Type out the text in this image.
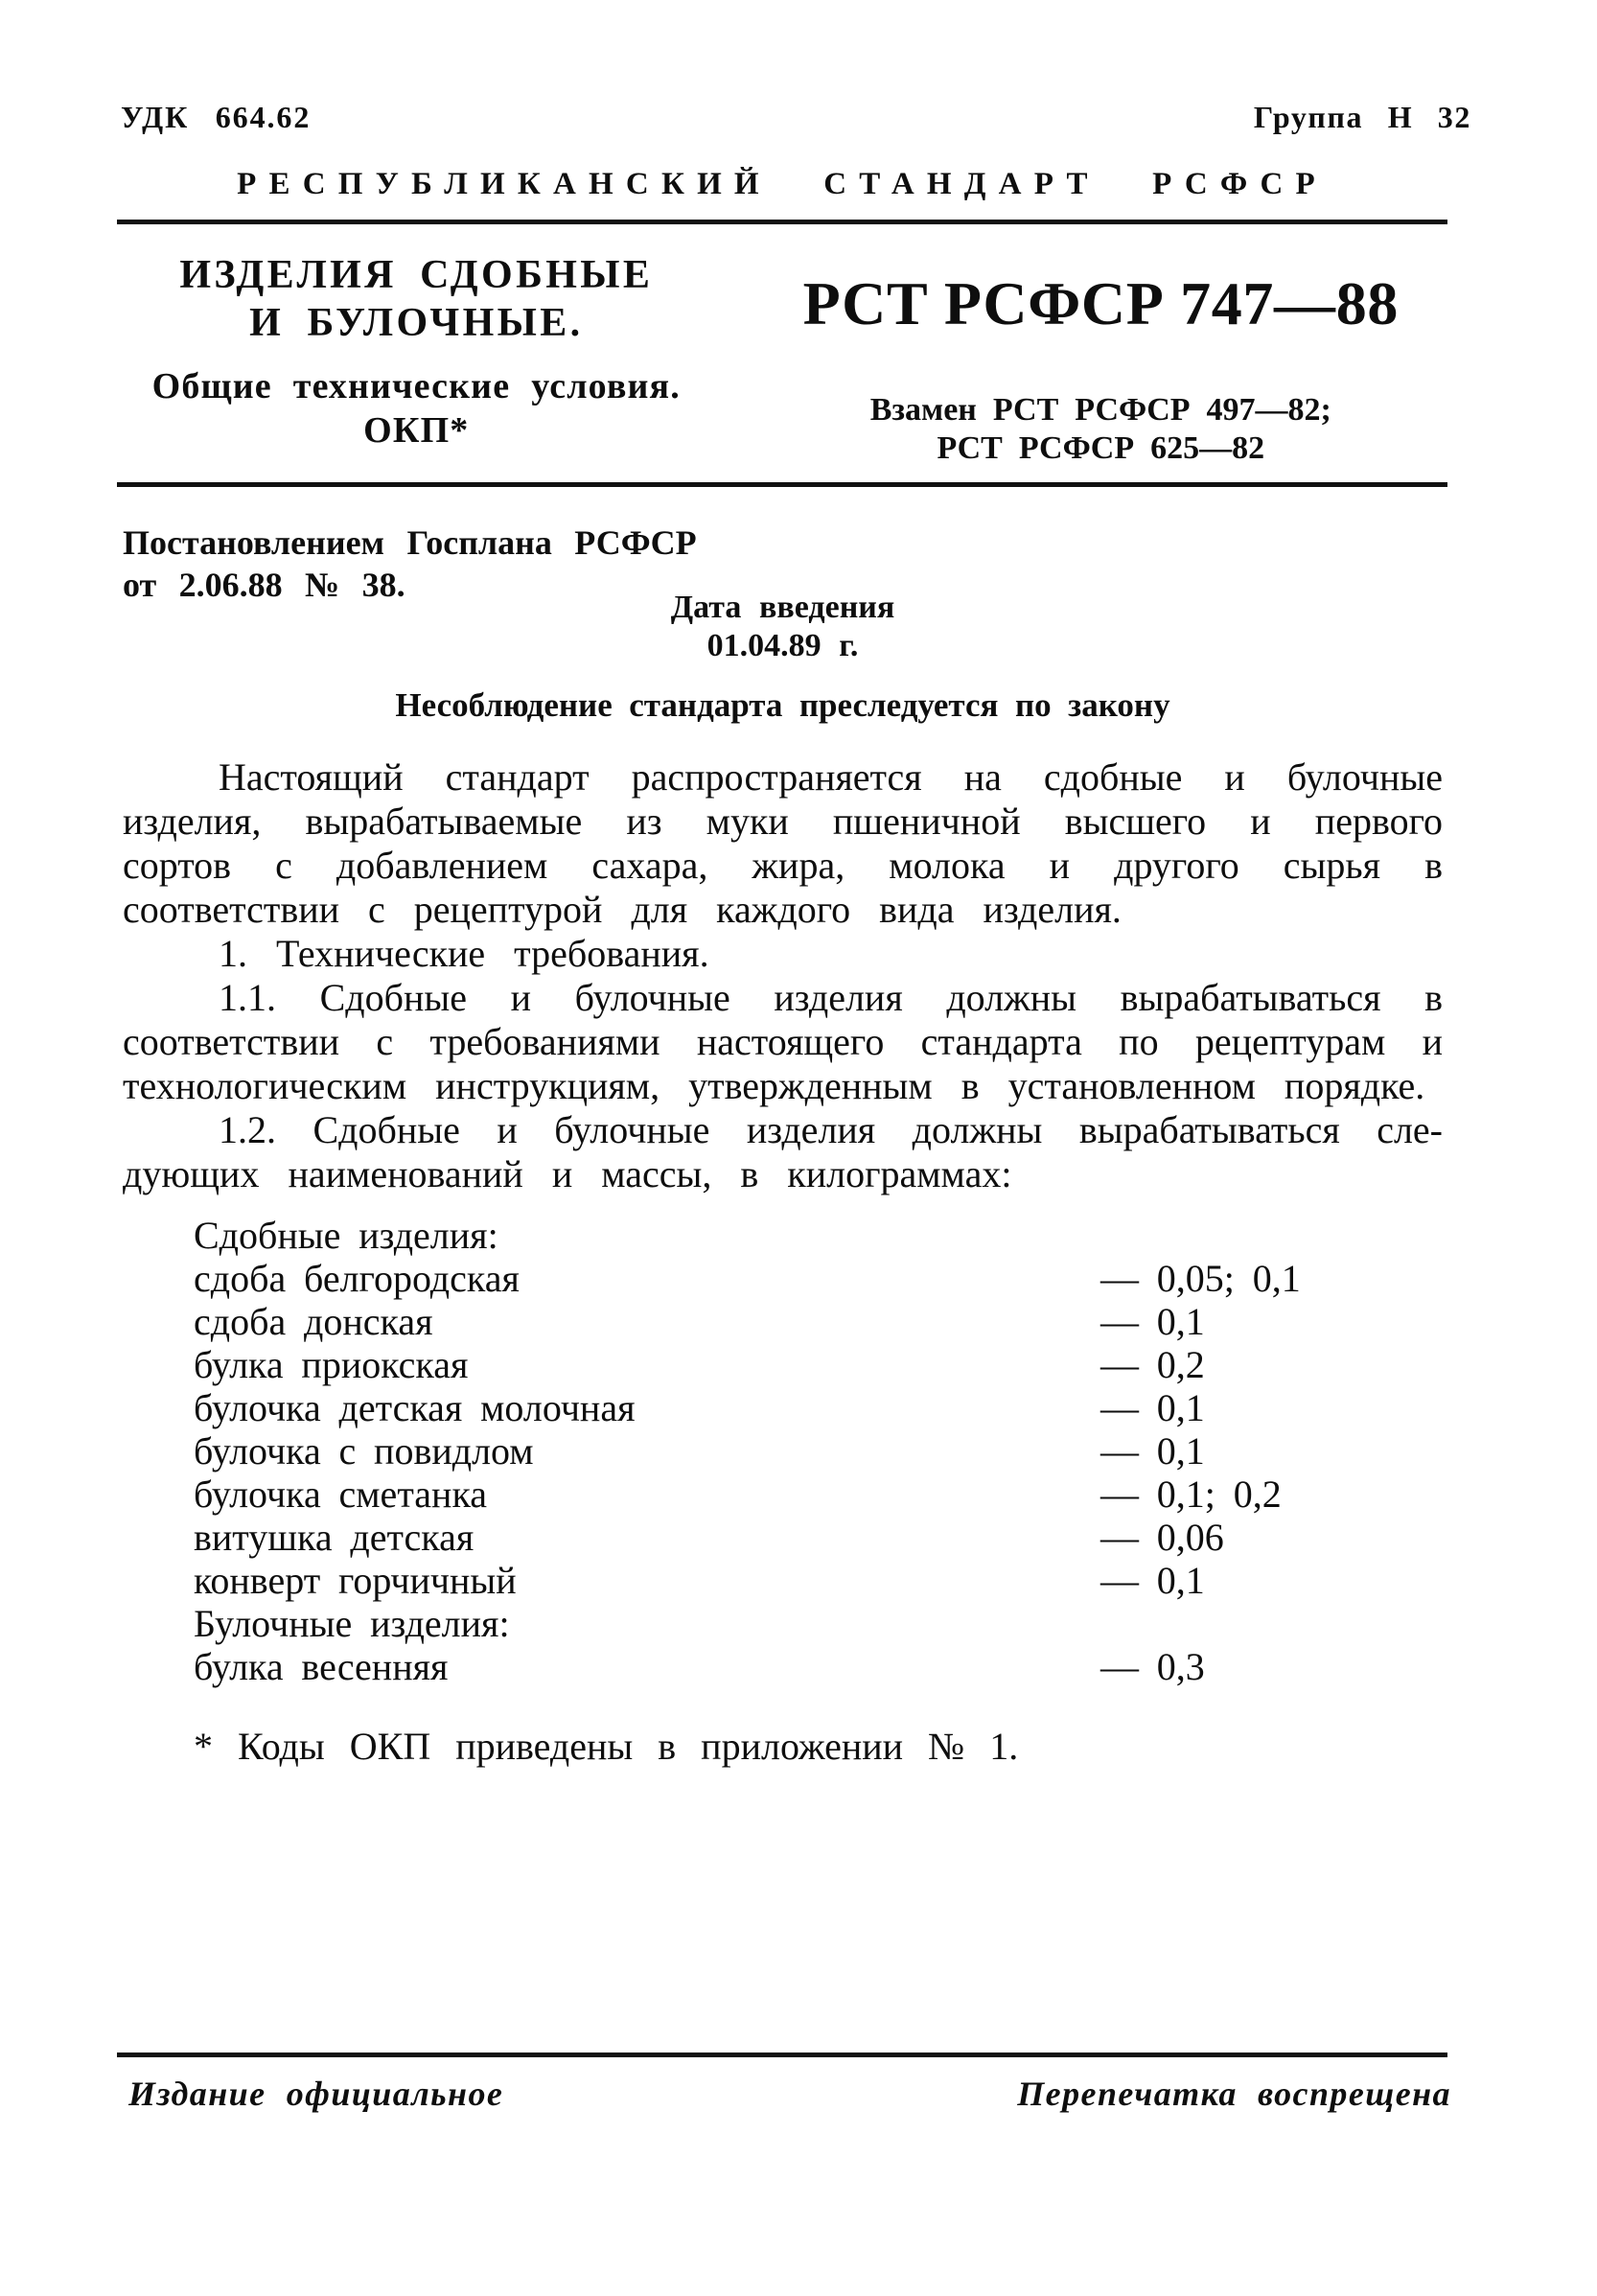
УДК 664.62	Группа Н 32
РЕСПУБЛИКАНСКИЙ СТАНДАРТ РСФСР
ИЗДЕЛИЯ СДОБНЫЕ
И БУЛОЧНЫЕ.
Общие технические условия.
ОКП*
РСТ РСФСР 747—88
Взамен РСТ РСФСР 497—82;
РСТ РСФСР 625—82
Постановлением Госплана РСФСР
от 2.06.88 № 38.
Дата введения
01.04.89 г.
Несоблюдение стандарта преследуется по закону

Настоящий стандарт распространяется на сдобные и булочные изделия, вырабатываемые из муки пшеничной высшего и первого сортов с добавлением сахара, жира, молока и другого сырья в соответствии с рецептурой для каждого вида изделия.

1. Технические требования.

1.1. Сдобные и булочные изделия должны вырабатываться в соответствии с требованиями настоящего стандарта по рецептурам и технологическим инструкциям, утвержденным в установленном порядке.

1.2. Сдобные и булочные изделия должны вырабатываться сле-дующих наименований и массы, в килограммах:

Сдобные изделия:
сдоба белгородская	— 0,05; 0,1
сдоба донская	— 0,1
булка приокская	— 0,2
булочка детская молочная	— 0,1
булочка с повидлом	— 0,1
булочка сметанка	— 0,1; 0,2
витушка детская	— 0,06
конверт горчичный	— 0,1
Булочные изделия:
булка весенняя	— 0,3

* Коды ОКП приведены в приложении № 1.

Издание официальное	Перепечатка воспрещена
